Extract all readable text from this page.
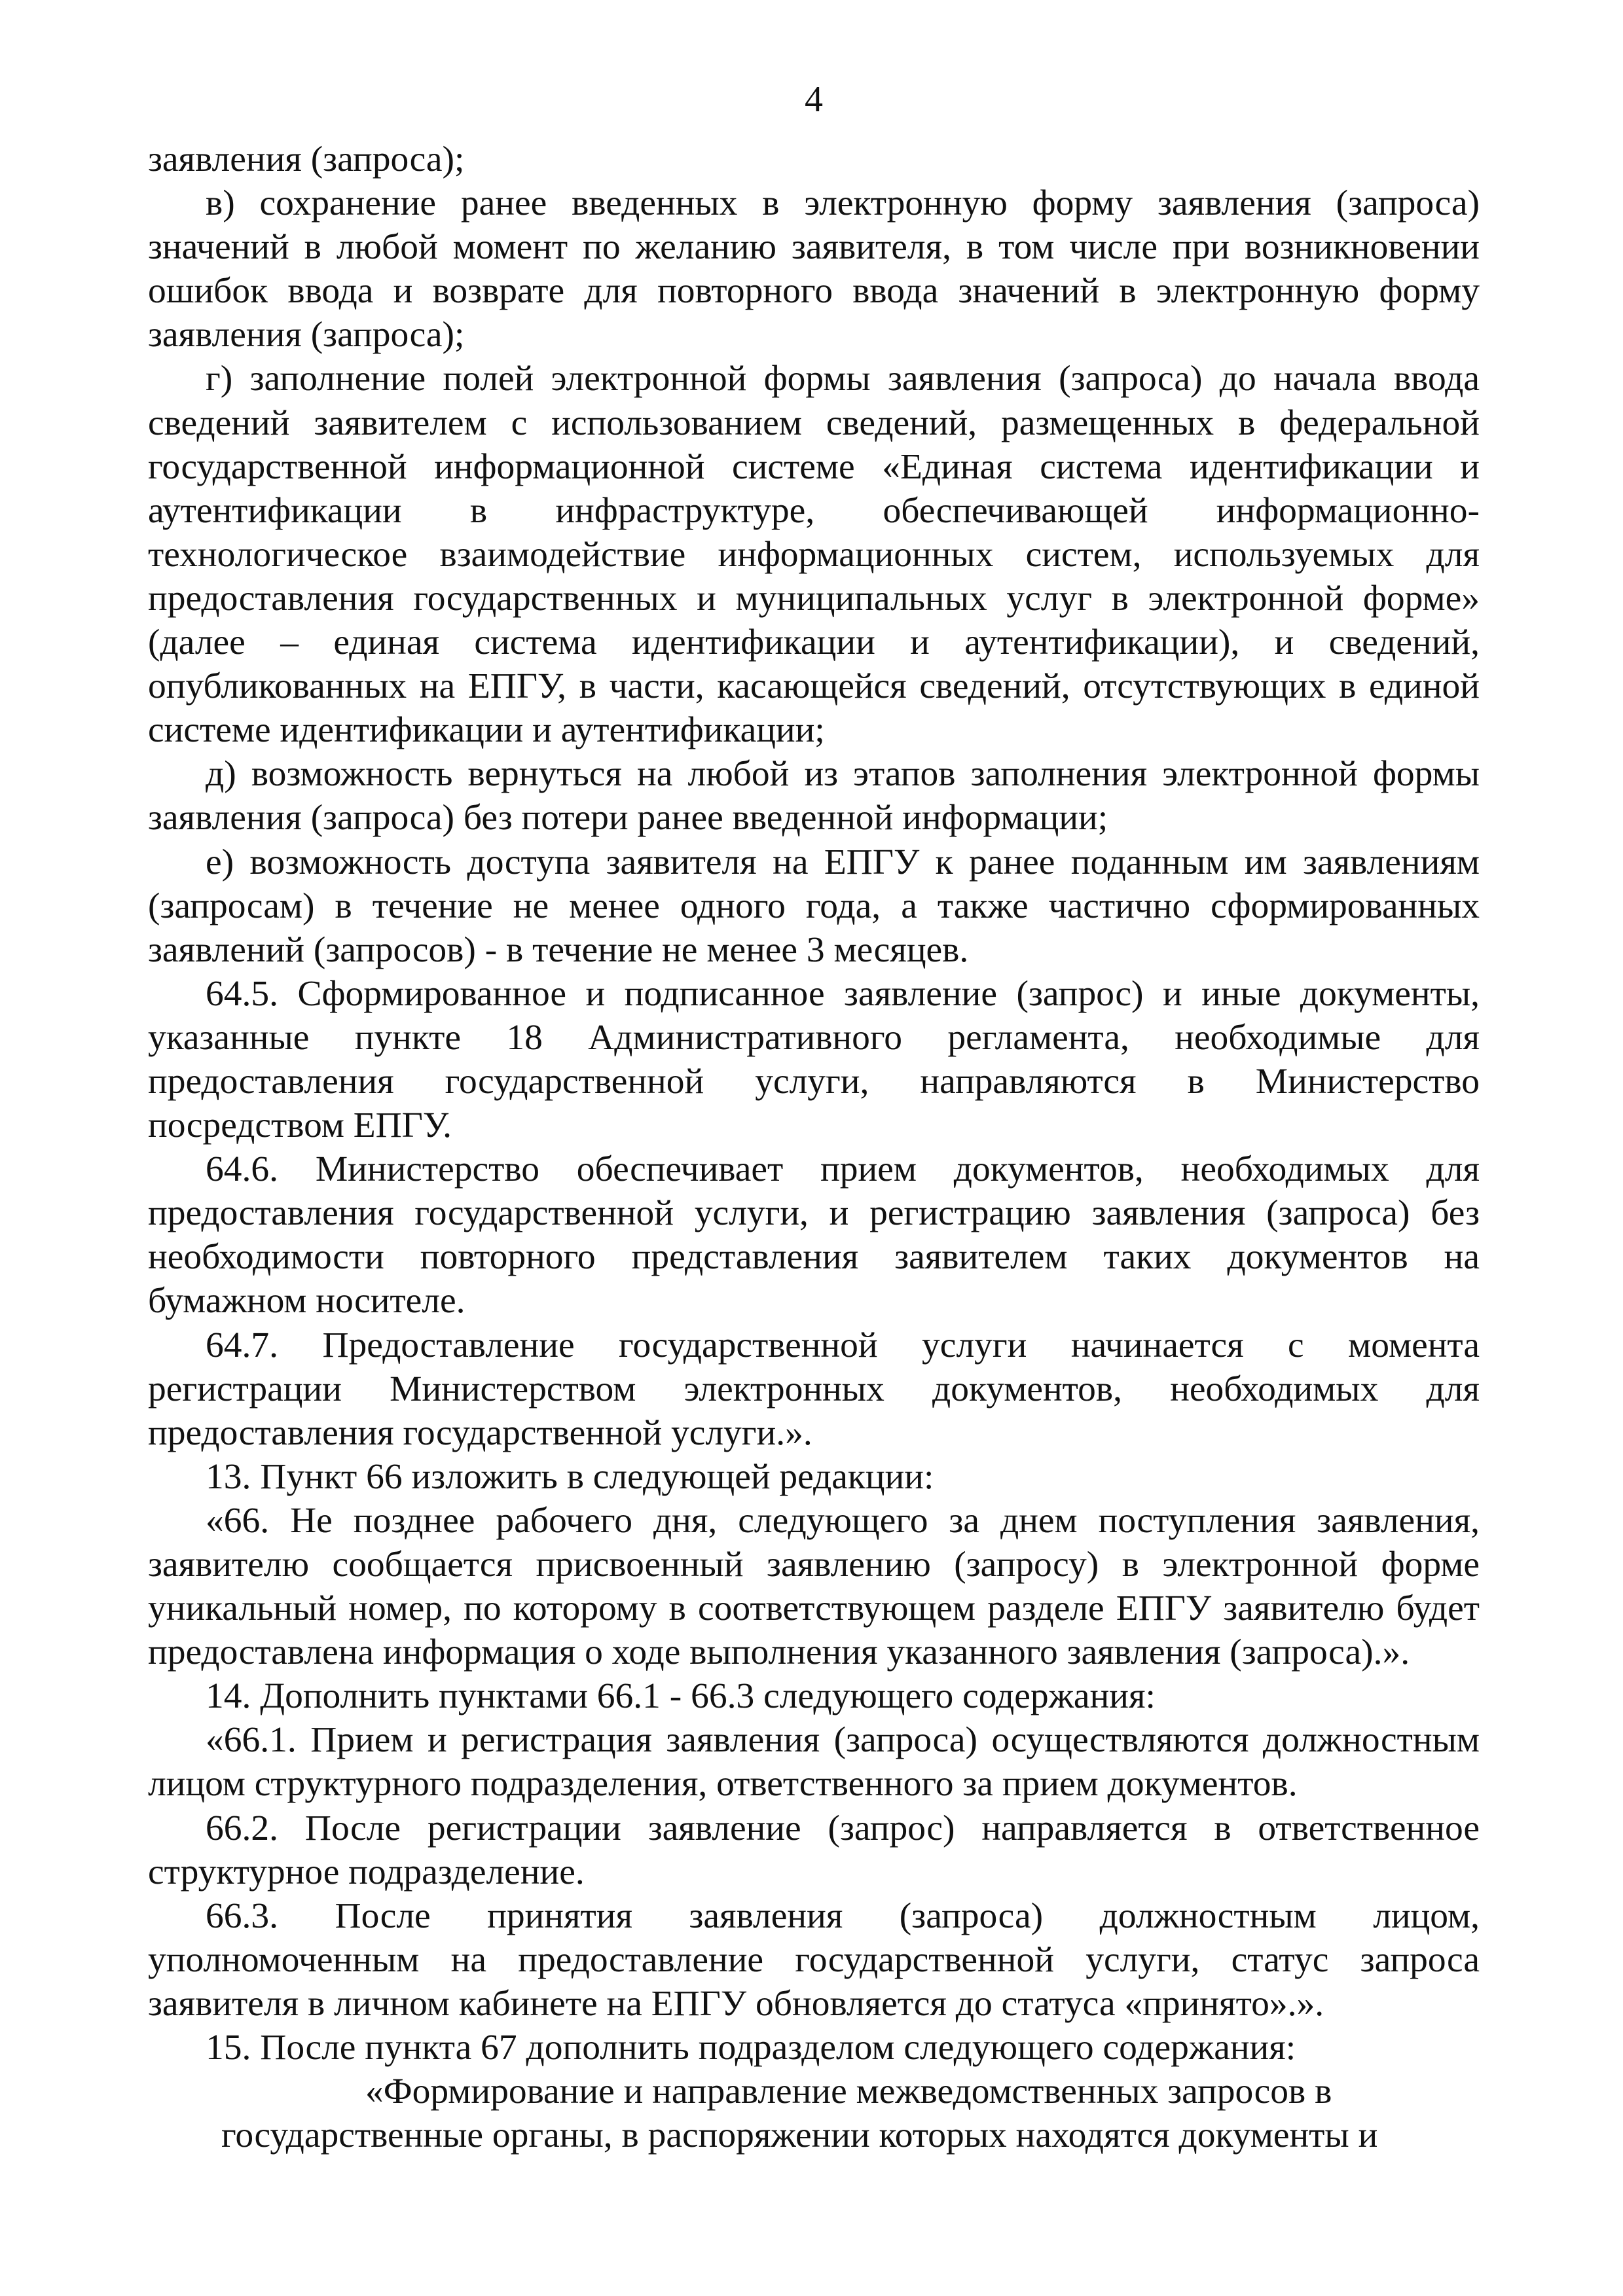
4
заявления (запроса);
в) сохранение ранее введенных в электронную форму заявления (запроса)
значений в любой момент по желанию заявителя, в том числе при возникновении
ошибок ввода и возврате для повторного ввода значений в электронную форму
заявления (запроса);
г) заполнение полей электронной формы заявления (запроса) до начала ввода
сведений заявителем с использованием сведений, размещенных в федеральной
государственной информационной системе «Единая система идентификации и
аутентификации в инфраструктуре, обеспечивающей информационно-
технологическое взаимодействие информационных систем, используемых для
предоставления государственных и муниципальных услуг в электронной форме»
(далее – единая система идентификации и аутентификации), и сведений,
опубликованных на ЕПГУ, в части, касающейся сведений, отсутствующих в единой
системе идентификации и аутентификации;
д) возможность вернуться на любой из этапов заполнения электронной формы
заявления (запроса) без потери ранее введенной информации;
е) возможность доступа заявителя на ЕПГУ к ранее поданным им заявлениям
(запросам) в течение не менее одного года, а также частично сформированных
заявлений (запросов) - в течение не менее 3 месяцев.
64.5. Сформированное и подписанное заявление (запрос) и иные документы,
указанные пункте 18 Административного регламента, необходимые для
предоставления государственной услуги, направляются в Министерство
посредством ЕПГУ.
64.6. Министерство обеспечивает прием документов, необходимых для
предоставления государственной услуги, и регистрацию заявления (запроса) без
необходимости повторного представления заявителем таких документов на
бумажном носителе.
64.7. Предоставление государственной услуги начинается с момента
регистрации Министерством электронных документов, необходимых для
предоставления государственной услуги.».
13. Пункт 66 изложить в следующей редакции:
«66. Не позднее рабочего дня, следующего за днем поступления заявления,
заявителю сообщается присвоенный заявлению (запросу) в электронной форме
уникальный номер, по которому в соответствующем разделе ЕПГУ заявителю будет
предоставлена информация о ходе выполнения указанного заявления (запроса).».
14. Дополнить пунктами 66.1 - 66.3 следующего содержания:
«66.1. Прием и регистрация заявления (запроса) осуществляются должностным
лицом структурного подразделения, ответственного за прием документов.
66.2. После регистрации заявление (запрос) направляется в ответственное
структурное подразделение.
66.3. После принятия заявления (запроса) должностным лицом,
уполномоченным на предоставление государственной услуги, статус запроса
заявителя в личном кабинете на ЕПГУ обновляется до статуса «принято».».
15. После пункта 67 дополнить подразделом следующего содержания:
«Формирование и направление межведомственных запросов в
государственные органы, в распоряжении которых находятся документы и
